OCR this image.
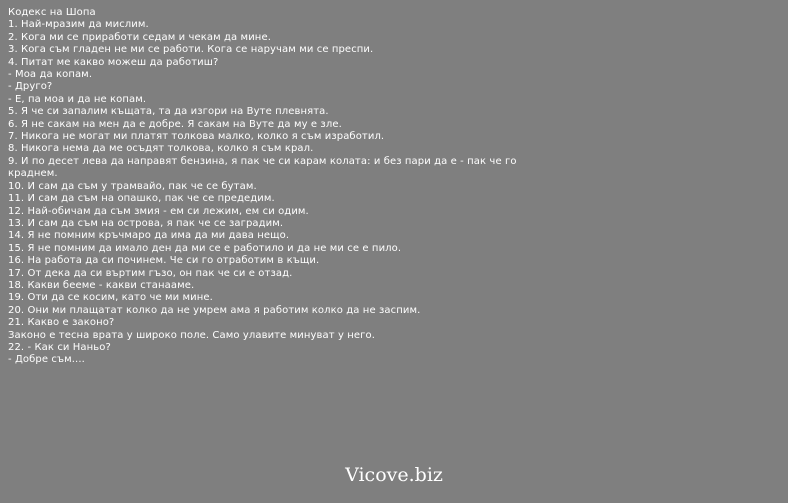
Кодекс на Шопа
1. Най-мразим да мислим.
2. Кога ми се приработи седам и чекам да мине.
3. Кога съм гладен не ми се работи. Кога се наручам ми се преспи.
4. Питат ме какво можеш да работиш?
- Моа да копам.
- Друго?
- Е, па моа и да не копам.
5. Я че си запалим къщата, та да изгори на Вуте плевнята.
6. Я не сакам на мен да е добре. Я сакам на Вуте да му е зле.
7. Никога не могат ми платят толкова малко, колко я съм изработил.
8. Никога нема да ме осъдят толкова, колко я съм крал.
9. И по десет лева да направят бензина, я пак че си карам колата: и без пари да е - пак че го краднем.
10. И сам да съм у трамвайо, пак че се бутам.
11. И сам да съм на опашко, пак че се предедим.
12. Най-обичам да съм змия - ем си лежим, ем си одим.
13. И сам да съм на острова, я пак че се заградим.
14. Я не помним кръчмаро да има да ми дава нещо.
15. Я не помним да имало ден да ми се е работило и да не ми се е пило.
16. На работа да си починем. Че си го отработим в къщи.
17. От дека да си въртим гъзо, он пак че си е отзад.
18. Какви беeме - какви станааме.
19. Оти да се косим, като че ми мине.
20. Они ми плащатат колко да не умрем ама я работим колко да не заспим.
21. Какво е законо?
Законо е тесна врата у широко поле. Само улавите минуват у него.
22. - Как си Наньо?
- Добре съм....
Vicove.biz
